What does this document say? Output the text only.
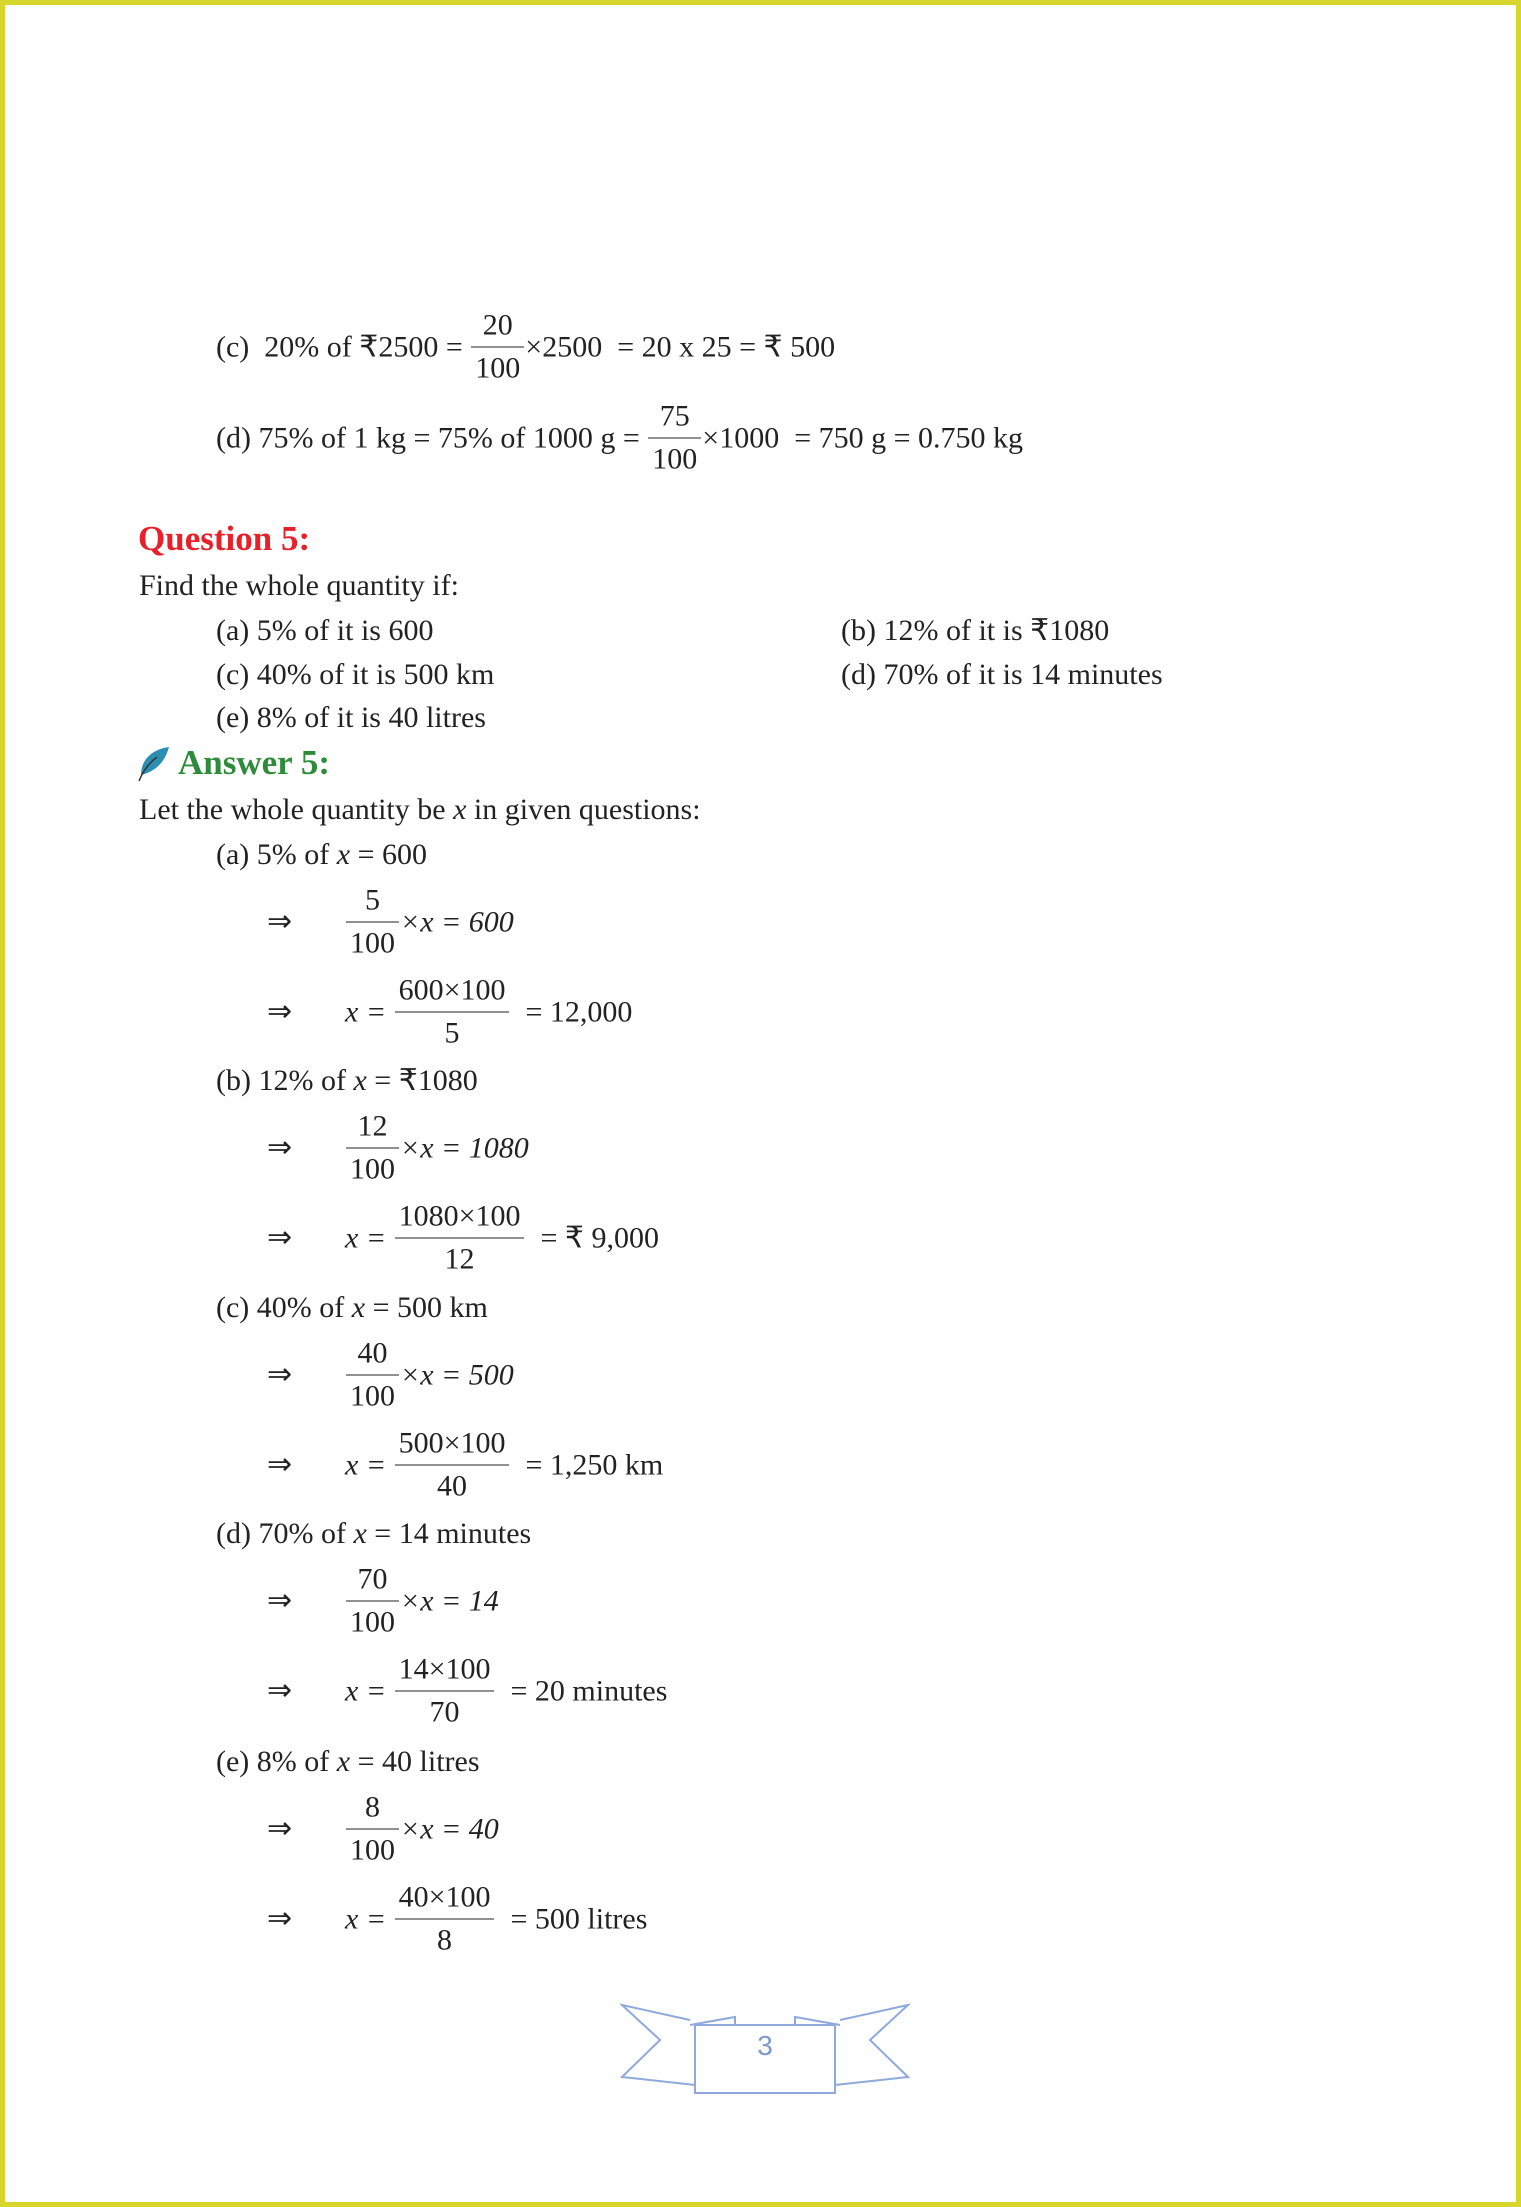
(c)  20% of ₹2500 = $\frac{20}{100} \times 2500 = 20$ x 25 = ₹ 500
(d) 75% of 1 kg = 75% of 1000 $g = \frac{75}{100} \times 1000 = 750$ g = 0.750 kg
Question 5:
Find the whole quantity if:
(a) 5% of it is 600	(b) 12% of it is ₹1080
(c) 40% of it is 500 km	(d) 70% of it is 14 minutes
(e) 8% of it is 40 litres
Answer 5:
Let the whole quantity be x in given questions:
(a) 5% of x = 600
⇒ $\frac{5}{100} \times x = 600$
⇒ $x = \frac{600\times 100}{5} = 12,000$
(b) 12% of x = ₹1080
⇒ $\frac{12}{100} \times x = 1080$
⇒ $x = \frac{1080\times 100}{12}$ = ₹ 9,000
(c) 40% of x = 500 km
⇒ $\frac{40}{100} \times x = 500$
⇒ $x = \frac{500\times 100}{40} = 1,250$ km
(d) 70% of x = 14 minutes
⇒ $\frac{70}{100} \times x = 14$
⇒ $x = \frac{14\times 100}{70} = 20$ minutes
(e) 8% of x = 40 litres
⇒ $\frac{8}{100} \times x = 40$
⇒ $x = \frac{40\times 100}{8} = 500$ litres
3
